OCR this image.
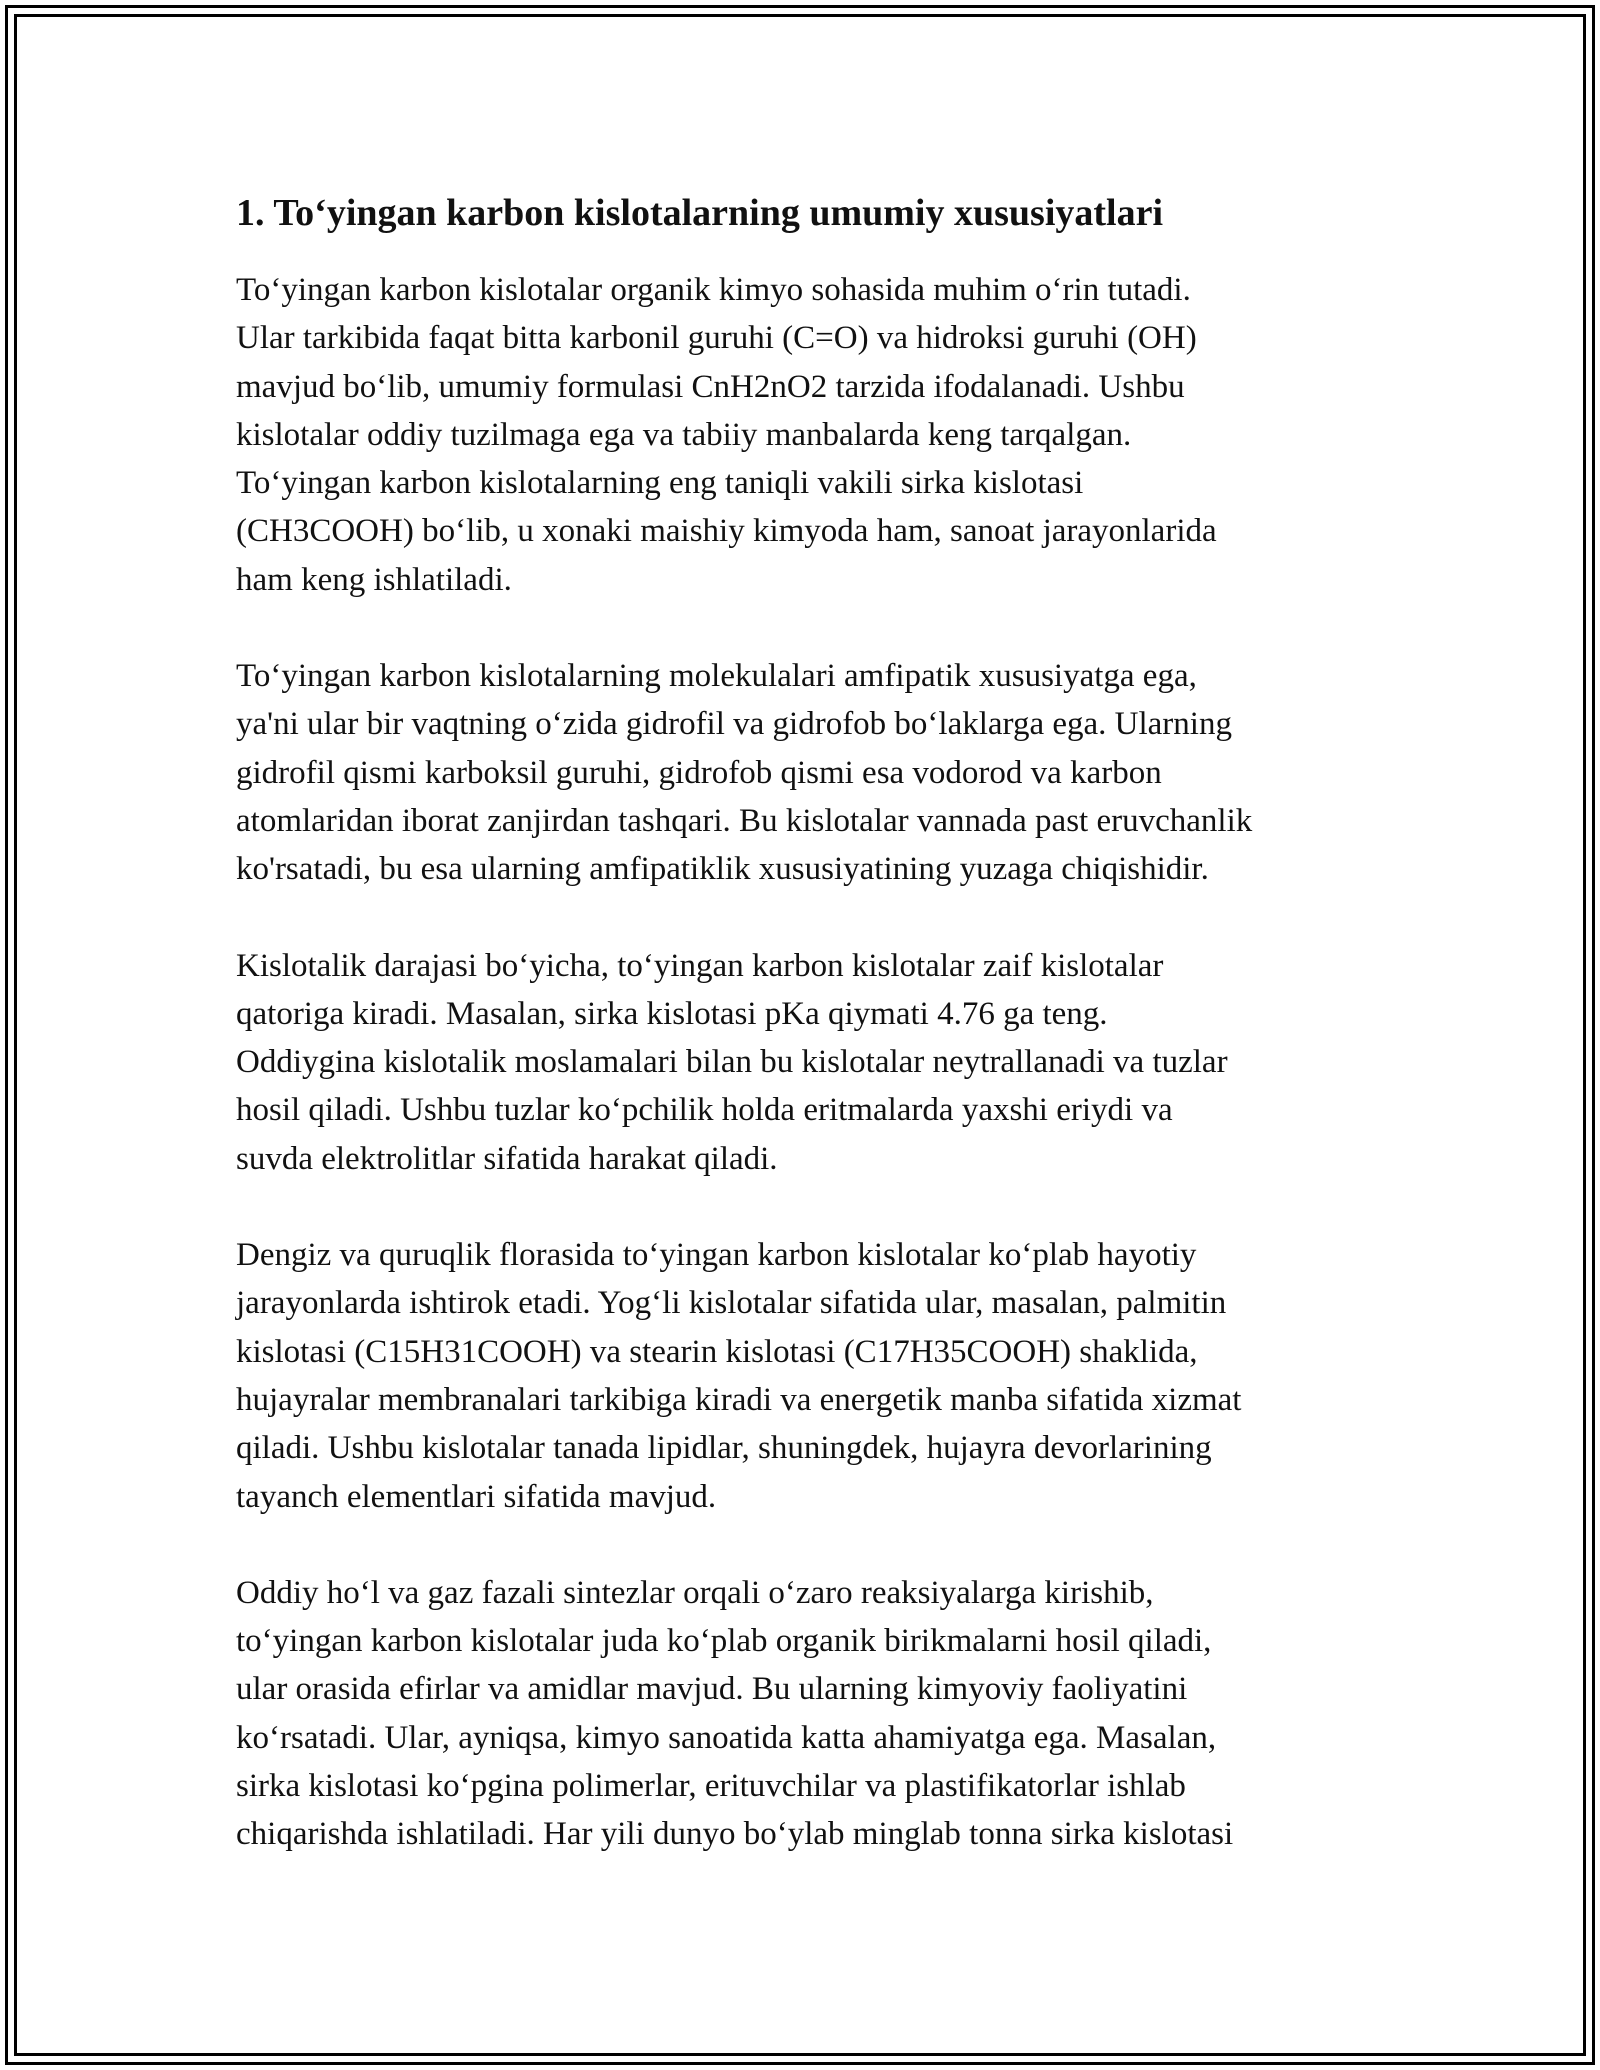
1. To‘yingan karbon kislotalarning umumiy xususiyatlari

To‘yingan karbon kislotalar organik kimyo sohasida muhim o‘rin tutadi.
Ular tarkibida faqat bitta karbonil guruhi (C=O) va hidroksi guruhi (OH)
mavjud bo‘lib, umumiy formulasi CnH2nO2 tarzida ifodalanadi. Ushbu
kislotalar oddiy tuzilmaga ega va tabiiy manbalarda keng tarqalgan.
To‘yingan karbon kislotalarning eng taniqli vakili sirka kislotasi
(CH3COOH) bo‘lib, u xonaki maishiy kimyoda ham, sanoat jarayonlarida
ham keng ishlatiladi.

To‘yingan karbon kislotalarning molekulalari amfipatik xususiyatga ega,
ya'ni ular bir vaqtning o‘zida gidrofil va gidrofob bo‘laklarga ega. Ularning
gidrofil qismi karboksil guruhi, gidrofob qismi esa vodorod va karbon
atomlaridan iborat zanjirdan tashqari. Bu kislotalar vannada past eruvchanlik
ko'rsatadi, bu esa ularning amfipatiklik xususiyatining yuzaga chiqishidir.

Kislotalik darajasi bo‘yicha, to‘yingan karbon kislotalar zaif kislotalar
qatoriga kiradi. Masalan, sirka kislotasi pKa qiymati 4.76 ga teng.
Oddiygina kislotalik moslamalari bilan bu kislotalar neytrallanadi va tuzlar
hosil qiladi. Ushbu tuzlar ko‘pchilik holda eritmalarda yaxshi eriydi va
suvda elektrolitlar sifatida harakat qiladi.

Dengiz va quruqlik florasida to‘yingan karbon kislotalar ko‘plab hayotiy
jarayonlarda ishtirok etadi. Yog‘li kislotalar sifatida ular, masalan, palmitin
kislotasi (C15H31COOH) va stearin kislotasi (C17H35COOH) shaklida,
hujayralar membranalari tarkibiga kiradi va energetik manba sifatida xizmat
qiladi. Ushbu kislotalar tanada lipidlar, shuningdek, hujayra devorlarining
tayanch elementlari sifatida mavjud.

Oddiy ho‘l va gaz fazali sintezlar orqali o‘zaro reaksiyalarga kirishib,
to‘yingan karbon kislotalar juda ko‘plab organik birikmalarni hosil qiladi,
ular orasida efirlar va amidlar mavjud. Bu ularning kimyoviy faoliyatini
ko‘rsatadi. Ular, ayniqsa, kimyo sanoatida katta ahamiyatga ega. Masalan,
sirka kislotasi ko‘pgina polimerlar, erituvchilar va plastifikatorlar ishlab
chiqarishda ishlatiladi. Har yili dunyo bo‘ylab minglab tonna sirka kislotasi
